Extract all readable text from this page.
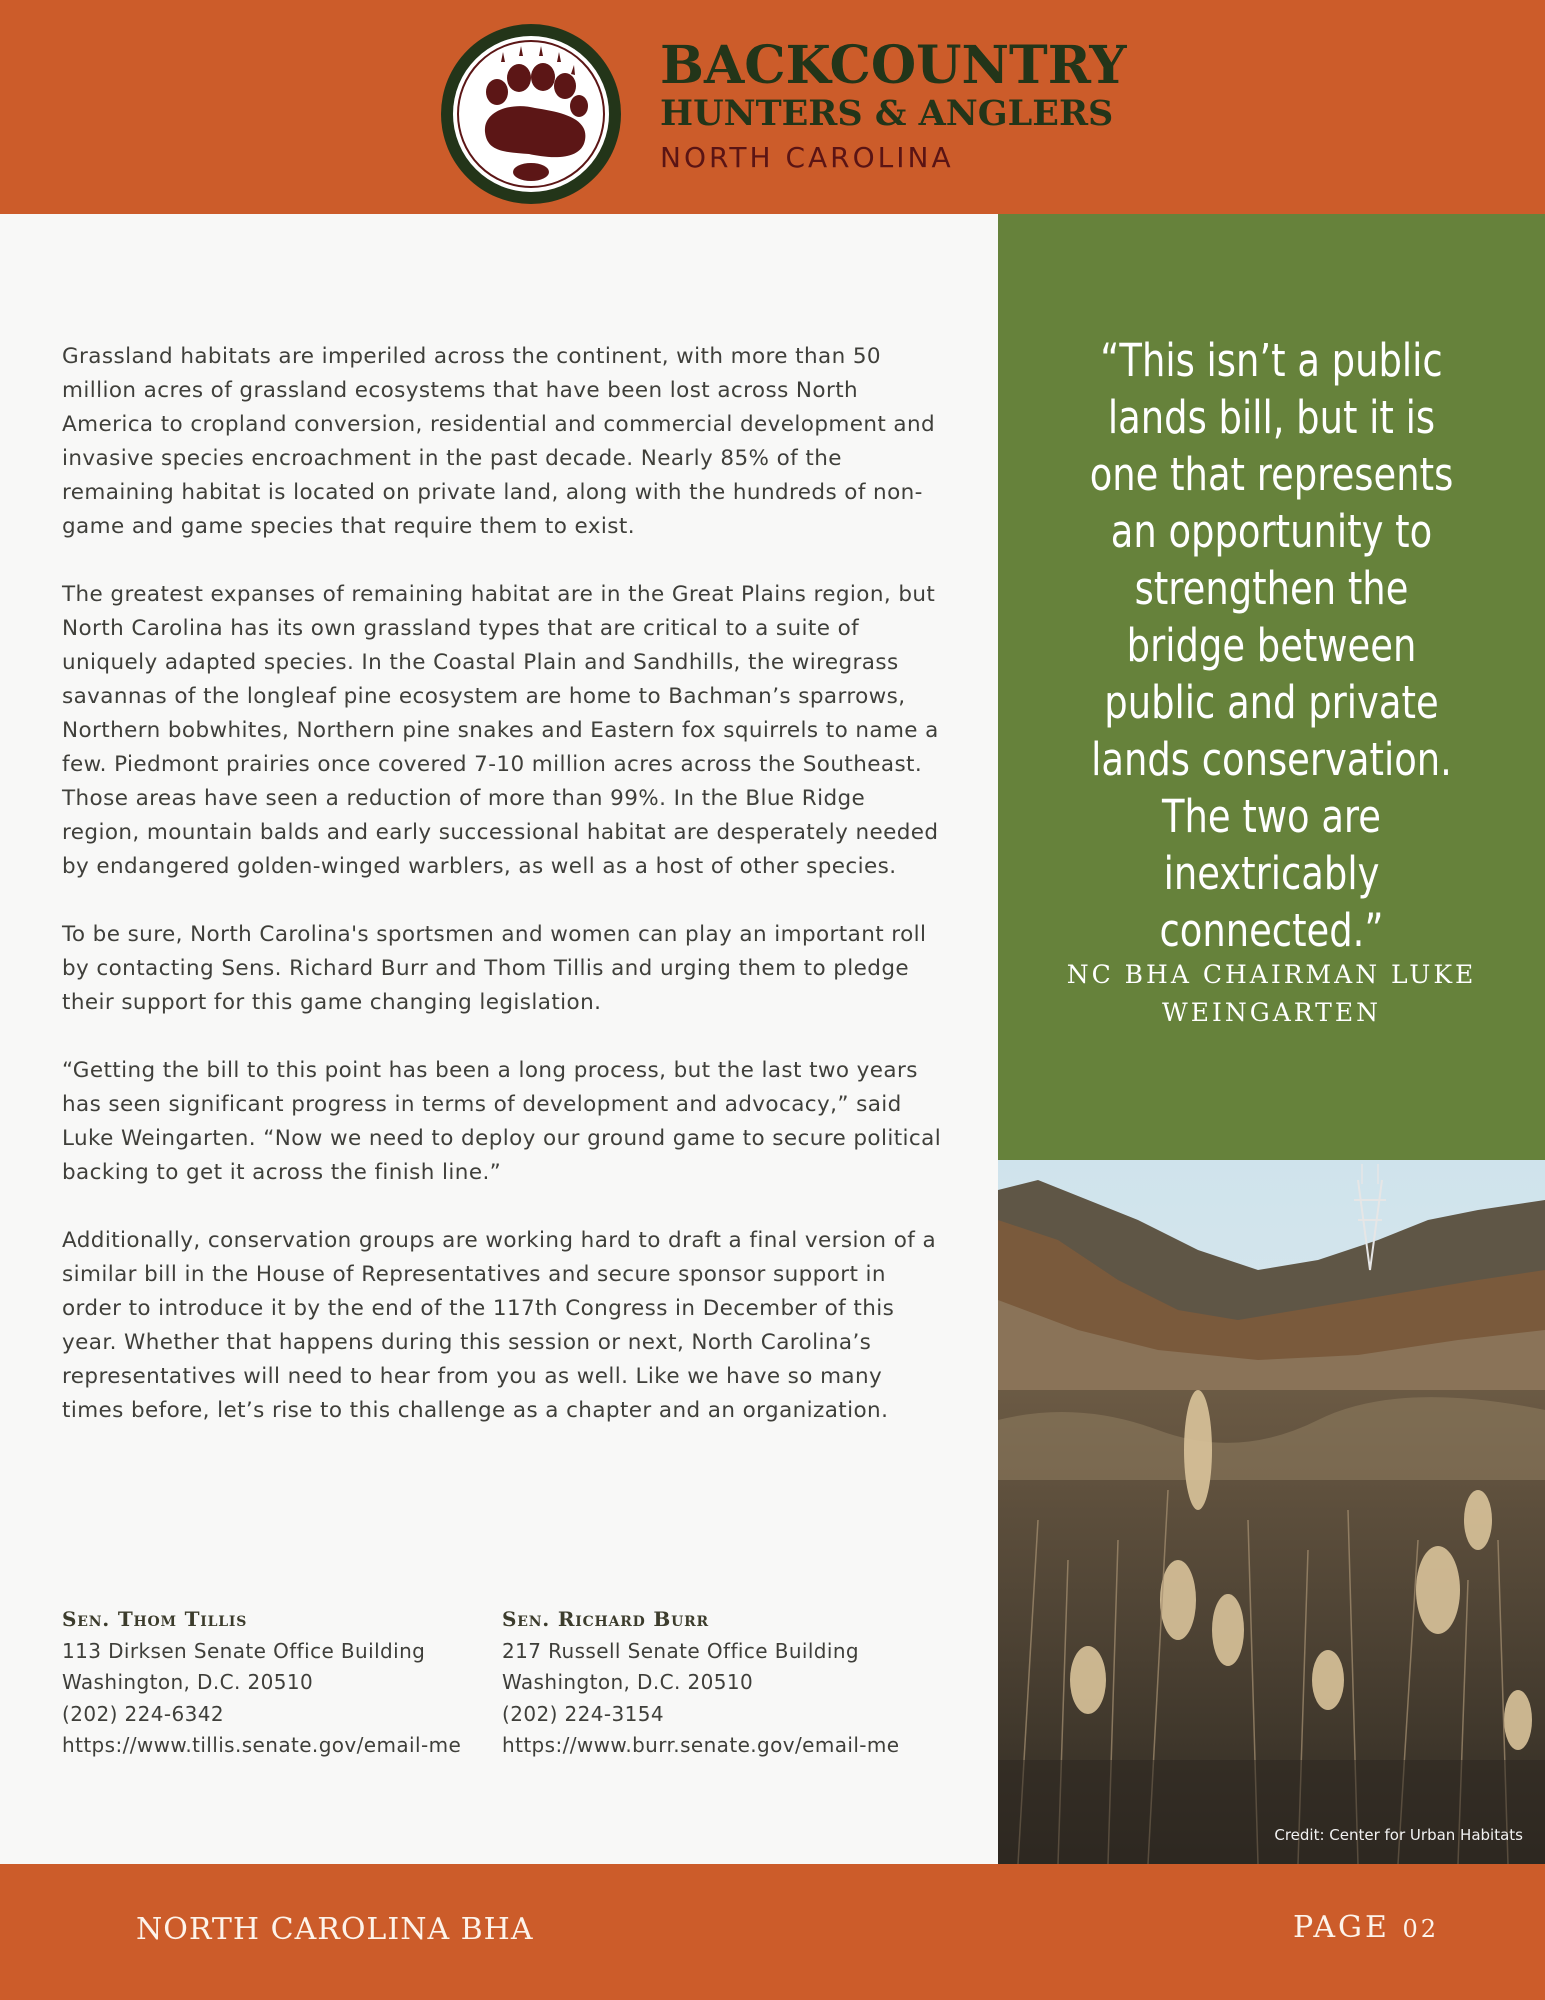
BACKCOUNTRY
HUNTERS & ANGLERS
NORTH CAROLINA

Grassland habitats are imperiled across the continent, with more than 50 million acres of grassland ecosystems that have been lost across North America to cropland conversion, residential and commercial development and invasive species encroachment in the past decade. Nearly 85% of the remaining habitat is located on private land, along with the hundreds of non-game and game species that require them to exist.

The greatest expanses of remaining habitat are in the Great Plains region, but North Carolina has its own grassland types that are critical to a suite of uniquely adapted species. In the Coastal Plain and Sandhills, the wiregrass savannas of the longleaf pine ecosystem are home to Bachman’s sparrows, Northern bobwhites, Northern pine snakes and Eastern fox squirrels to name a few. Piedmont prairies once covered 7-10 million acres across the Southeast. Those areas have seen a reduction of more than 99%. In the Blue Ridge region, mountain balds and early successional habitat are desperately needed by endangered golden-winged warblers, as well as a host of other species.

To be sure, North Carolina's sportsmen and women can play an important roll by contacting Sens. Richard Burr and Thom Tillis and urging them to pledge their support for this game changing legislation.

“Getting the bill to this point has been a long process, but the last two years has seen significant progress in terms of development and advocacy,” said Luke Weingarten. “Now we need to deploy our ground game to secure political backing to get it across the finish line.”

Additionally, conservation groups are working hard to draft a final version of a similar bill in the House of Representatives and secure sponsor support in order to introduce it by the end of the 117th Congress in December of this year. Whether that happens during this session or next, North Carolina’s representatives will need to hear from you as well. Like we have so many times before, let’s rise to this challenge as a chapter and an organization.

Sen. Thom Tillis
113 Dirksen Senate Office Building
Washington, D.C. 20510
(202) 224-6342
https://www.tillis.senate.gov/email-me
Sen. Richard Burr
217 Russell Senate Office Building
Washington, D.C. 20510
(202) 224-3154
https://www.burr.senate.gov/email-me
“This isn’t a public lands bill, but it is one that represents an opportunity to strengthen the bridge between public and private lands conservation. The two are inextricably connected.”
NC BHA CHAIRMAN LUKE WEINGARTEN
Credit: Center for Urban Habitats
NORTH CAROLINA BHA	PAGE 02
